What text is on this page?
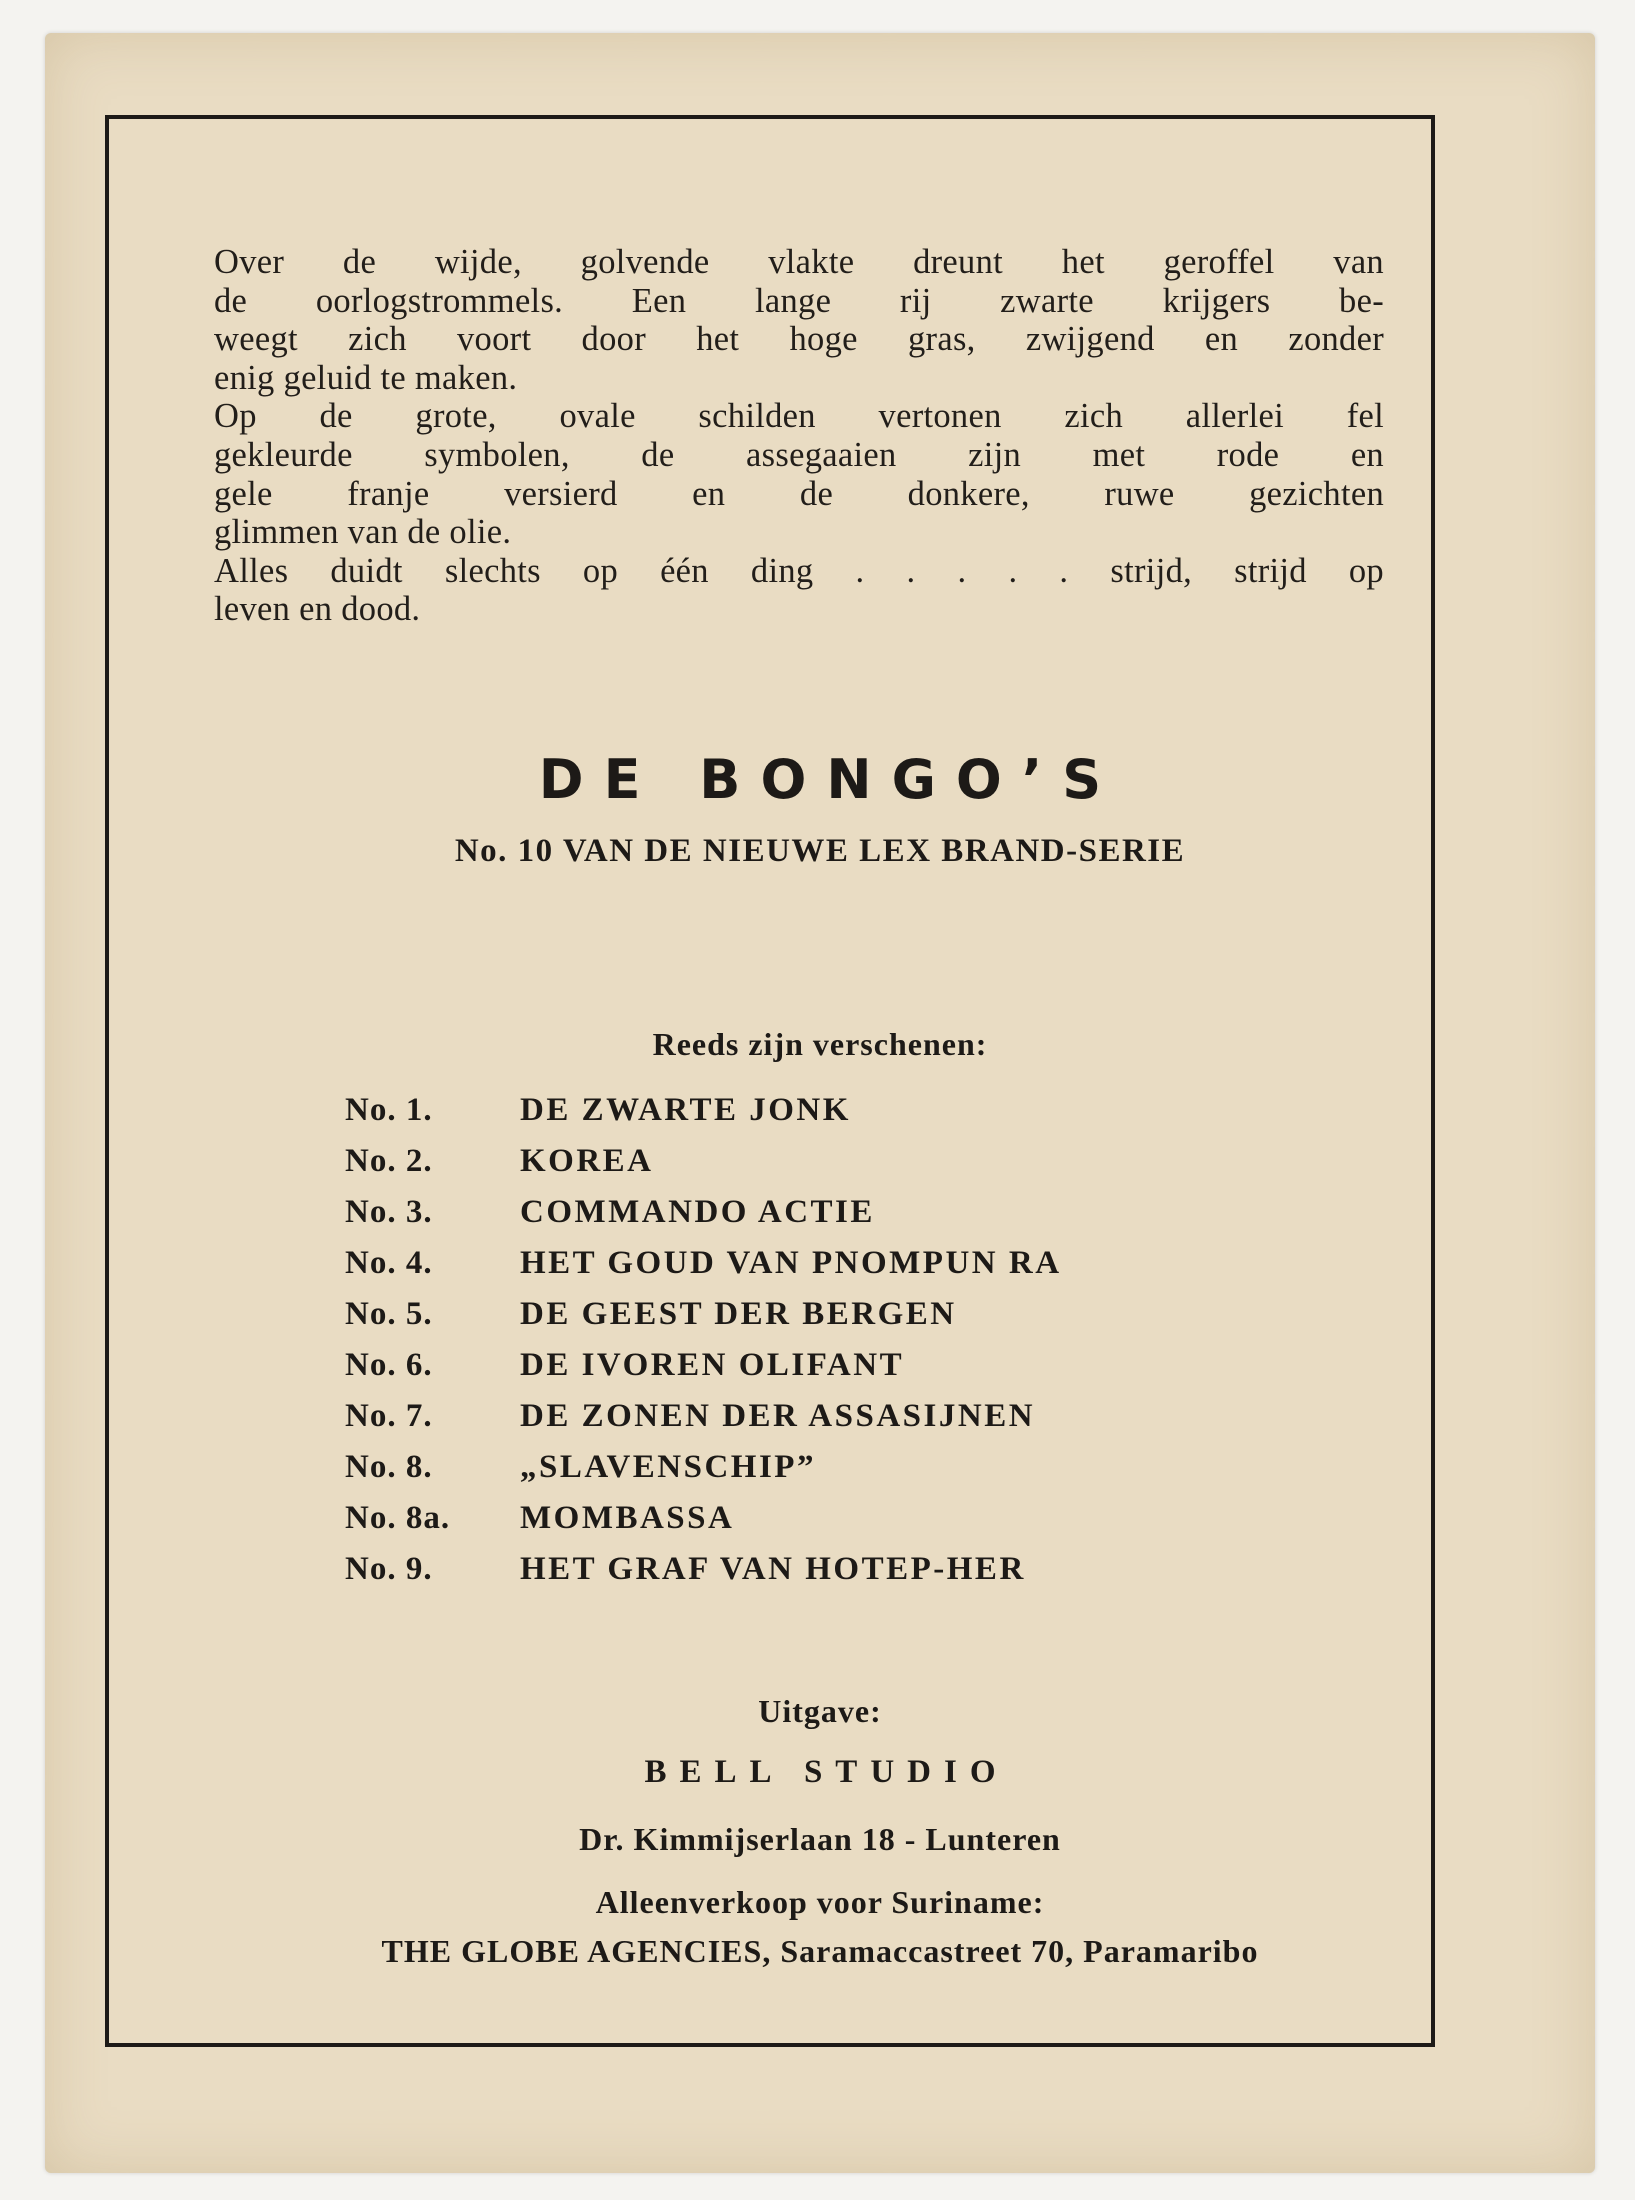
Over de wijde, golvende vlakte dreunt het geroffel van

de oorlogstrommels. Een lange rij zwarte krijgers be-

weegt zich voort door het hoge gras, zwijgend en zonder

enig geluid te maken.

Op de grote, ovale schilden vertonen zich allerlei fel

gekleurde symbolen, de assegaaien zijn met rode en

gele franje versierd en de donkere, ruwe gezichten

glimmen van de olie.

Alles duidt slechts op één ding . . . . . strijd, strijd op

leven en dood.

DE BONGO’S
No. 10 VAN DE NIEUWE LEX BRAND-SERIE
Reeds zijn verschenen:
No. 1.	DE ZWARTE JONK
No. 2.	KOREA
No. 3.	COMMANDO ACTIE
No. 4.	HET GOUD VAN PNOMPUN RA
No. 5.	DE GEEST DER BERGEN
No. 6.	DE IVOREN OLIFANT
No. 7.	DE ZONEN DER ASSASIJNEN
No. 8.	„SLAVENSCHIP”
No. 8a.	MOMBASSA
No. 9.	HET GRAF VAN HOTEP-HER
Uitgave:
BELL STUDIO
Dr. Kimmijserlaan 18 - Lunteren
Alleenverkoop voor Suriname:
THE GLOBE AGENCIES, Saramaccastreet 70, Paramaribo
